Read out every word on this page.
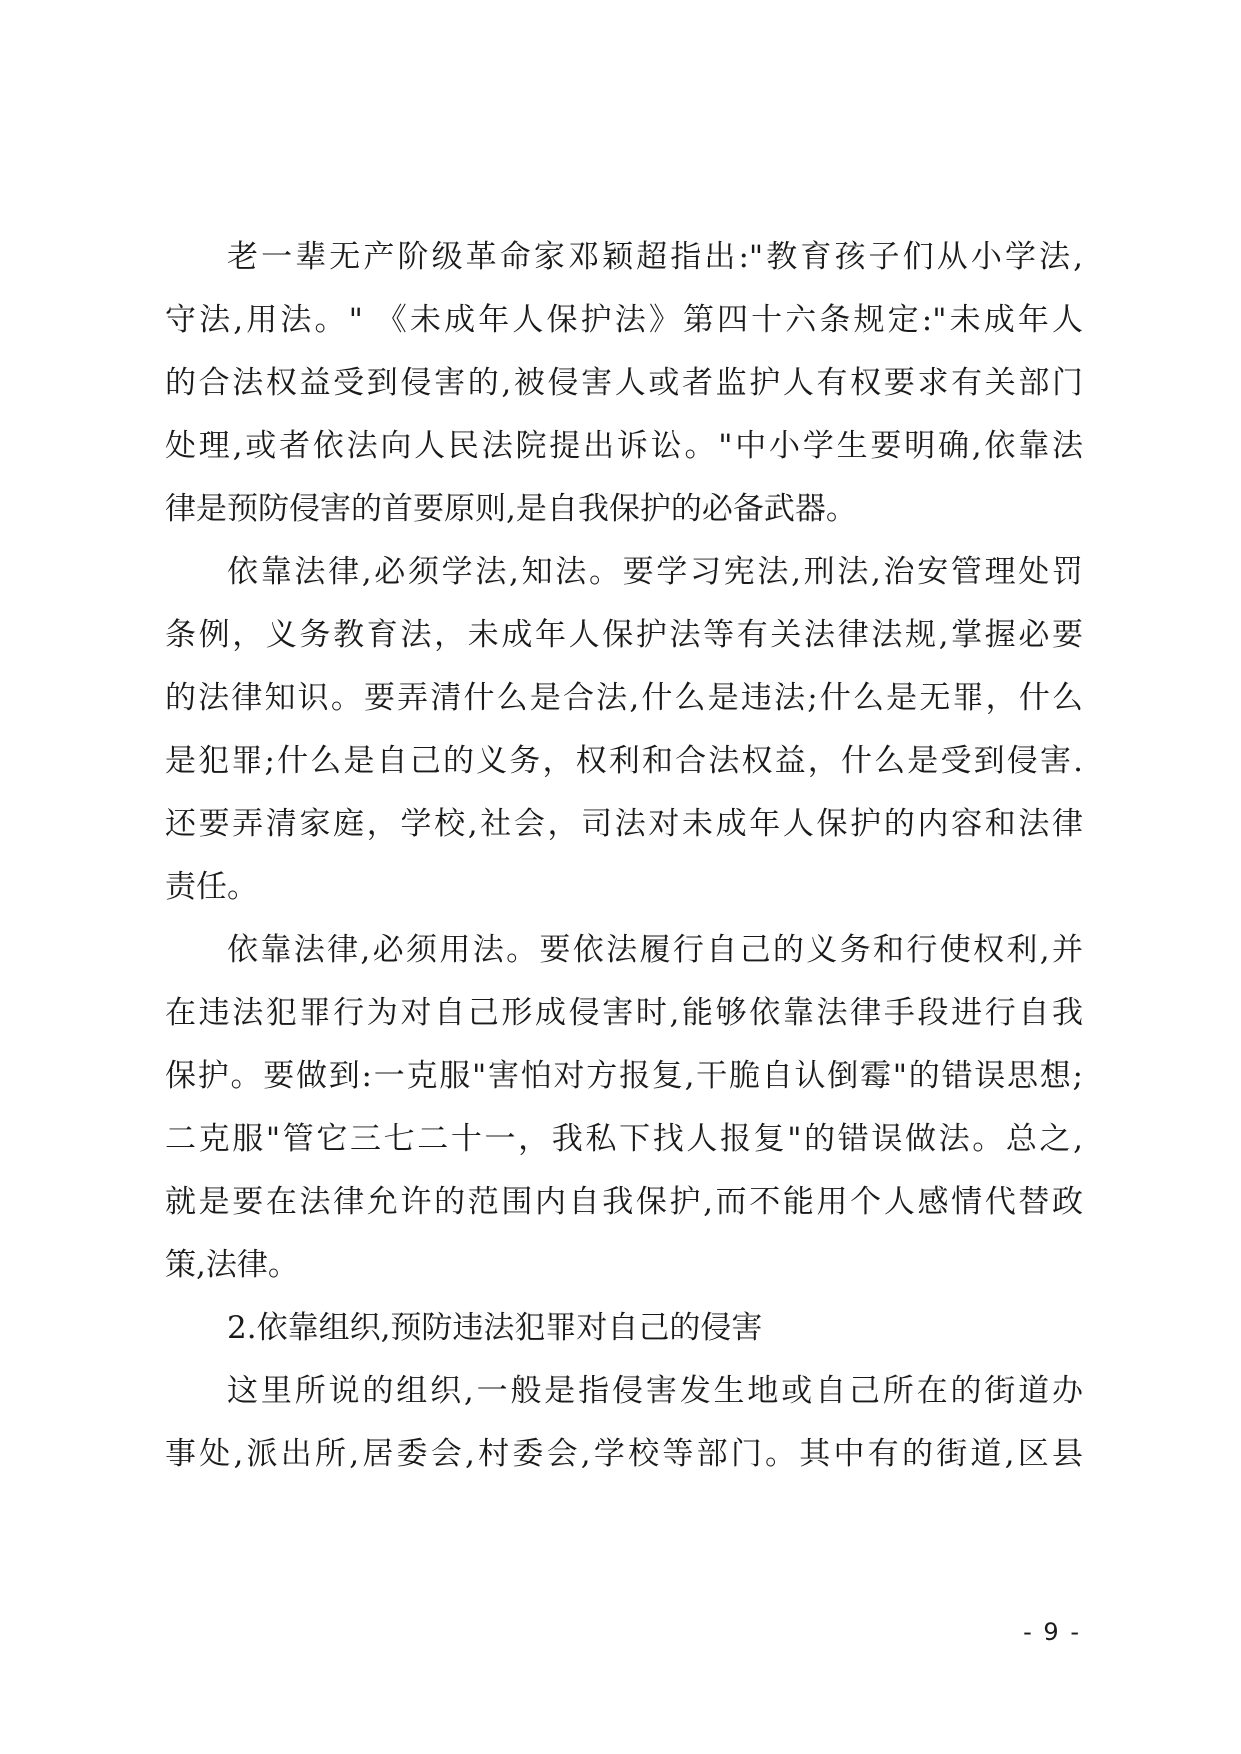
老一辈无产阶级革命家邓颖超指出:"教育孩子们从小学法,
守法,用法。" 《未成年人保护法》第四十六条规定:"未成年人
的合法权益受到侵害的,被侵害人或者监护人有权要求有关部门
处理,或者依法向人民法院提出诉讼。"中小学生要明确,依靠法
律是预防侵害的首要原则,是自我保护的必备武器。
依靠法律,必须学法,知法。要学习宪法,刑法,治安管理处罚
条例，义务教育法，未成年人保护法等有关法律法规,掌握必要
的法律知识。要弄清什么是合法,什么是违法;什么是无罪，什么
是犯罪;什么是自己的义务，权利和合法权益，什么是受到侵害.
还要弄清家庭，学校,社会，司法对未成年人保护的内容和法律
责任。
依靠法律,必须用法。要依法履行自己的义务和行使权利,并
在违法犯罪行为对自己形成侵害时,能够依靠法律手段进行自我
保护。要做到:一克服"害怕对方报复,干脆自认倒霉"的错误思想;
二克服"管它三七二十一，我私下找人报复"的错误做法。总之,
就是要在法律允许的范围内自我保护,而不能用个人感情代替政
策,法律。
2.依靠组织,预防违法犯罪对自己的侵害
这里所说的组织,一般是指侵害发生地或自己所在的街道办
事处,派出所,居委会,村委会,学校等部门。其中有的街道,区县
- 9 -
